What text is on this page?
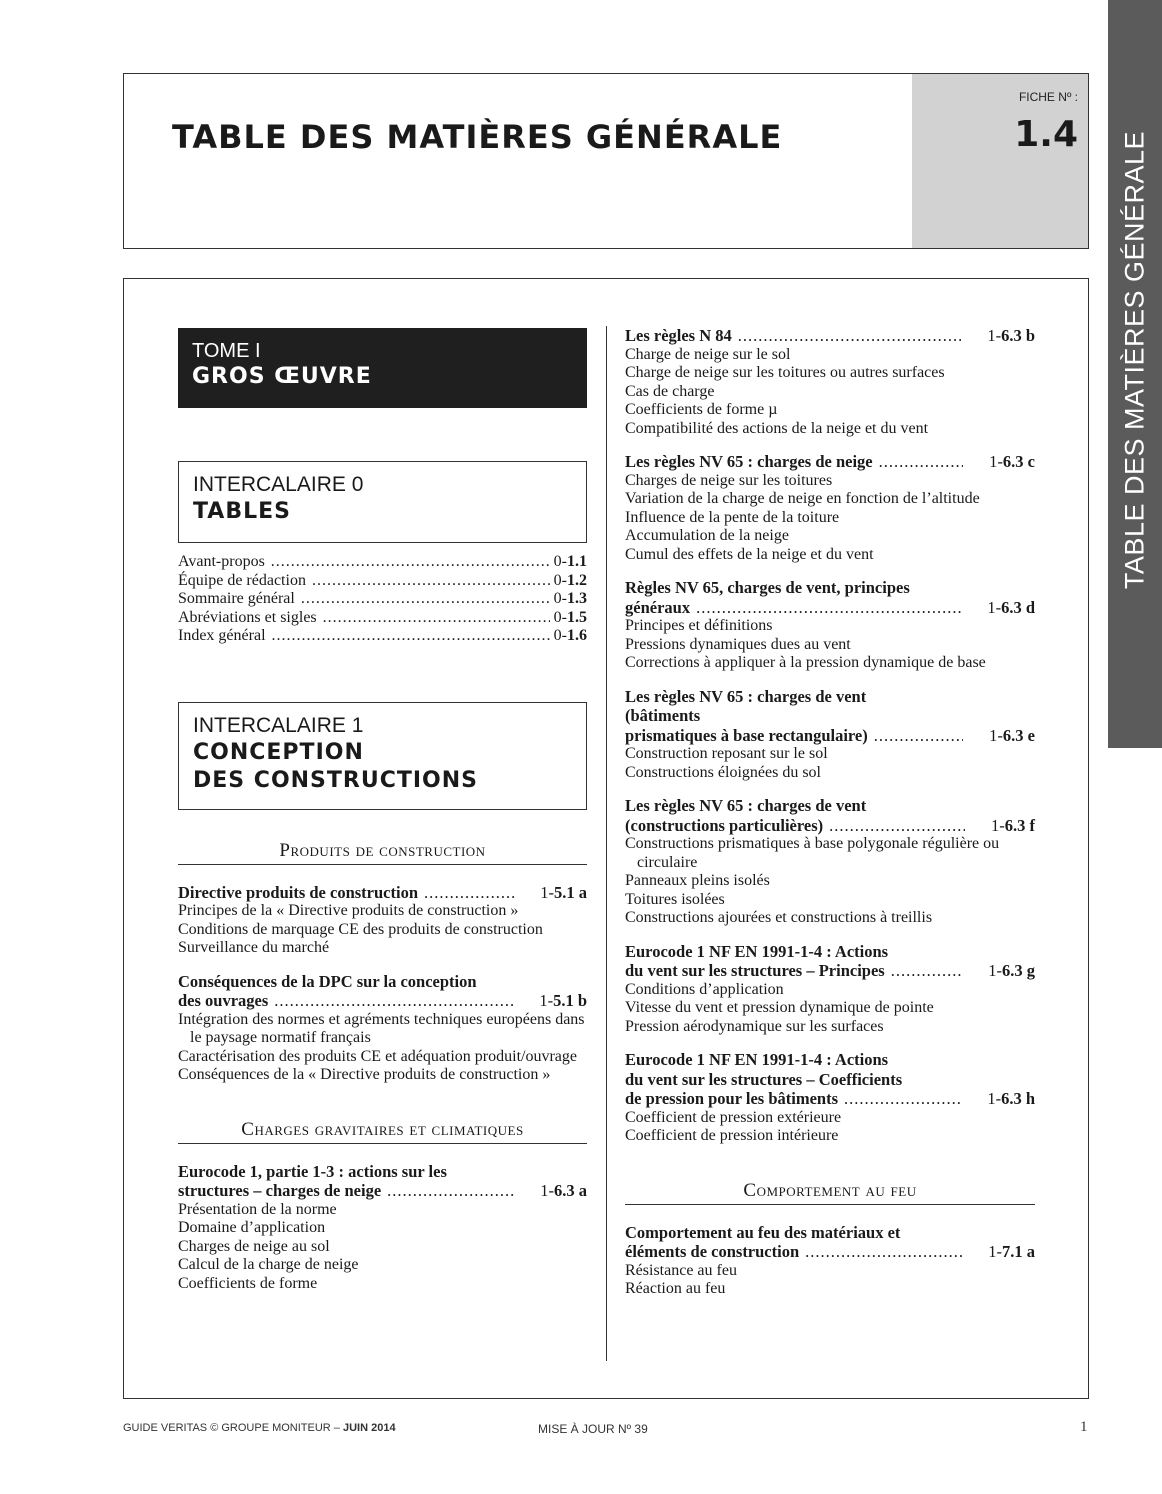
TABLE DES MATIÈRES GÉNÉRALE
FICHE Nº :
1.4 TABLE DES MATIÈRES GÉNÉRALE
TOME I
GROS ŒUVRE
INTERCALAIRE 0
TABLES
Avant-propos .....	0-1.1
Équipe de rédaction .....	0-1.2
Sommaire général .....	0-1.3
Abréviations et sigles .....	0-1.5
Index général .....	0-1.6
INTERCALAIRE 1
CONCEPTION
DES CONSTRUCTIONS
Produits de construction
Directive produits de construction .....	1-5.1 a
Principes de la « Directive produits de construction »
Conditions de marquage CE des produits de construction
Surveillance du marché
Conséquences de la DPC sur la conception
des ouvrages .....	1-5.1 b
Intégration des normes et agréments techniques européens dans le paysage normatif français
Caractérisation des produits CE et adéquation produit/ouvrage
Conséquences de la « Directive produits de construction »
Charges gravitaires et climatiques
Eurocode 1, partie 1-3 : actions sur les
structures – charges de neige .....	1-6.3 a
Présentation de la norme
Domaine d’application
Charges de neige au sol
Calcul de la charge de neige
Coefficients de forme
Les règles N 84 .....	1-6.3 b
Charge de neige sur le sol
Charge de neige sur les toitures ou autres surfaces
Cas de charge
Coefficients de forme µ
Compatibilité des actions de la neige et du vent
Les règles NV 65 : charges de neige .....	1-6.3 c
Charges de neige sur les toitures
Variation de la charge de neige en fonction de l’altitude
Influence de la pente de la toiture
Accumulation de la neige
Cumul des effets de la neige et du vent
Règles NV 65, charges de vent, principes
généraux .....	1-6.3 d
Principes et définitions
Pressions dynamiques dues au vent
Corrections à appliquer à la pression dynamique de base
Les règles NV 65 : charges de vent
(bâtiments
prismatiques à base rectangulaire) .....	1-6.3 e
Construction reposant sur le sol
Constructions éloignées du sol
Les règles NV 65 : charges de vent
(constructions particulières) .....	1-6.3 f
Constructions prismatiques à base polygonale régulière ou circulaire
Panneaux pleins isolés
Toitures isolées
Constructions ajourées et constructions à treillis
Eurocode 1 NF EN 1991-1-4 : Actions
du vent sur les structures – Principes .....	1-6.3 g
Conditions d’application
Vitesse du vent et pression dynamique de pointe
Pression aérodynamique sur les surfaces
Eurocode 1 NF EN 1991-1-4 : Actions
du vent sur les structures – Coefficients
de pression pour les bâtiments .....	1-6.3 h
Coefficient de pression extérieure
Coefficient de pression intérieure
Comportement au feu
Comportement au feu des matériaux et
éléments de construction .....	1-7.1 a
Résistance au feu
Réaction au feu
GUIDE VERITAS © GROUPE MONITEUR – JUIN 2014	MISE À JOUR Nº 39	1
